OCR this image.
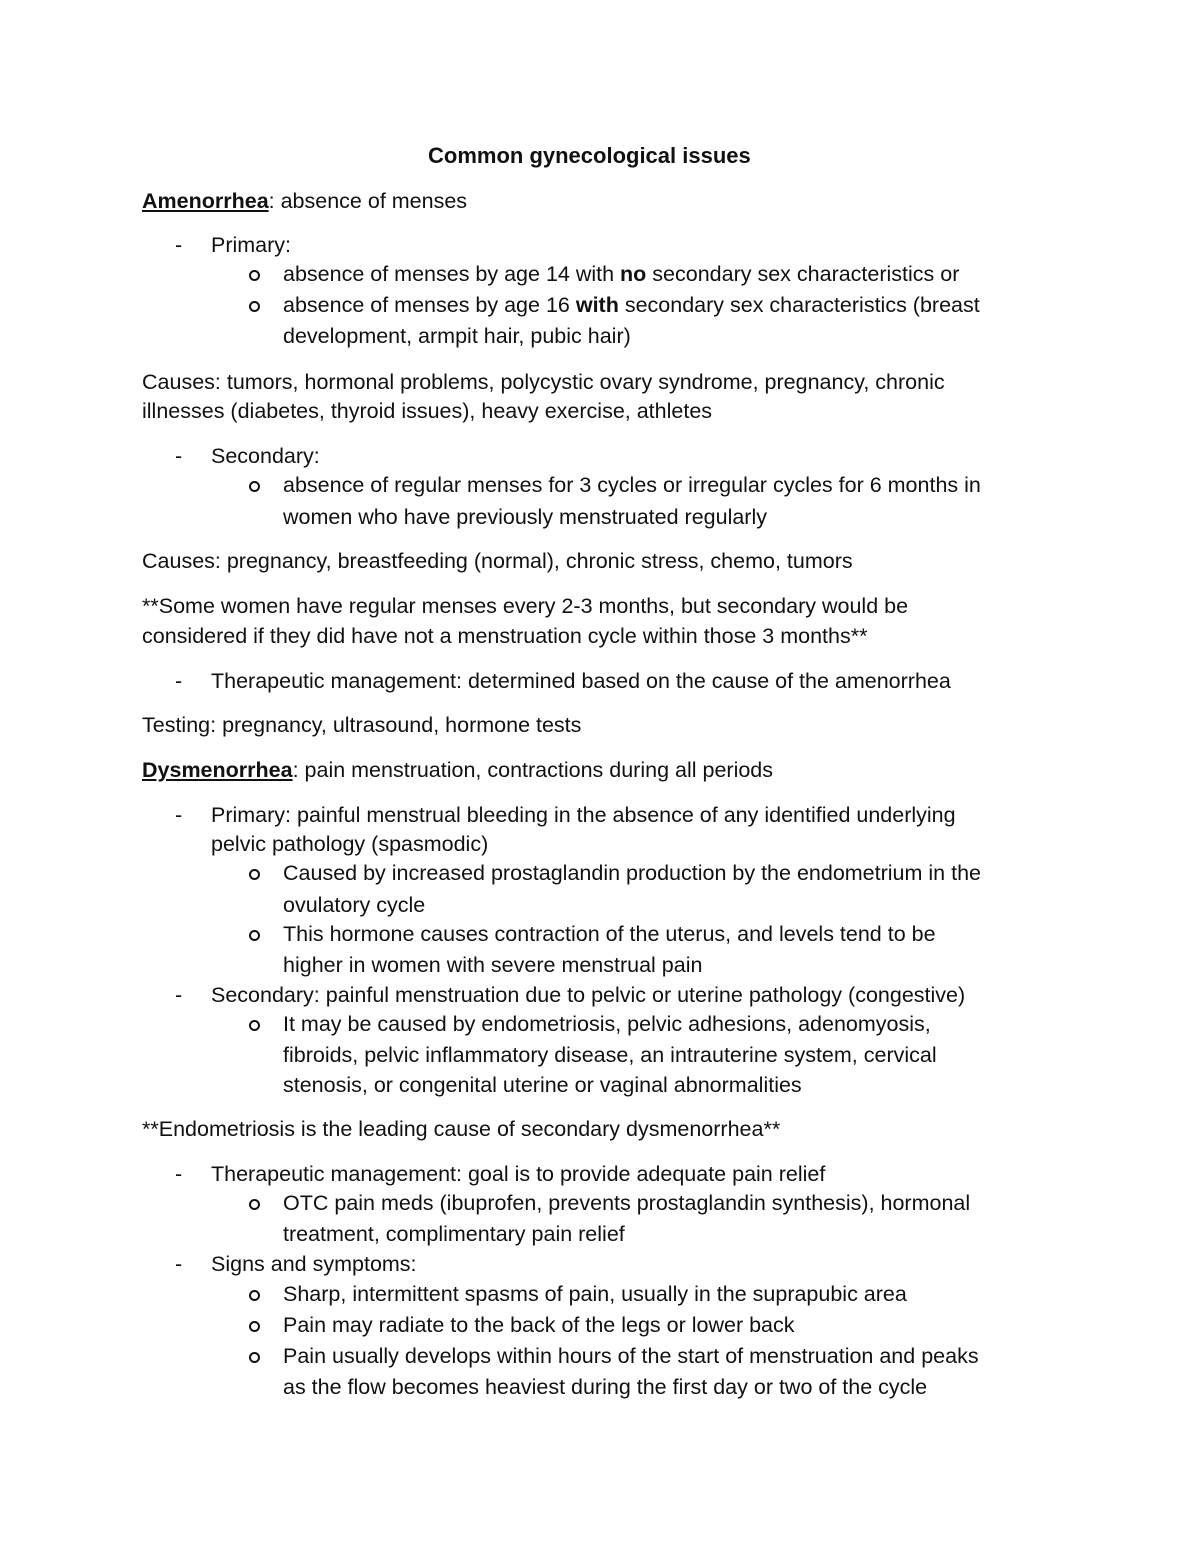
Common gynecological issues
Amenorrhea: absence of menses
- Primary:
absence of menses by age 14 with no secondary sex characteristics or
absence of menses by age 16 with secondary sex characteristics (breast
development, armpit hair, pubic hair)
Causes: tumors, hormonal problems, polycystic ovary syndrome, pregnancy, chronic
illnesses (diabetes, thyroid issues), heavy exercise, athletes
- Secondary:
absence of regular menses for 3 cycles or irregular cycles for 6 months in
women who have previously menstruated regularly
Causes: pregnancy, breastfeeding (normal), chronic stress, chemo, tumors
**Some women have regular menses every 2-3 months, but secondary would be
considered if they did have not a menstruation cycle within those 3 months**
- Therapeutic management: determined based on the cause of the amenorrhea
Testing: pregnancy, ultrasound, hormone tests
Dysmenorrhea: pain menstruation, contractions during all periods
- Primary: painful menstrual bleeding in the absence of any identified underlying
pelvic pathology (spasmodic)
Caused by increased prostaglandin production by the endometrium in the
ovulatory cycle
This hormone causes contraction of the uterus, and levels tend to be
higher in women with severe menstrual pain
- Secondary: painful menstruation due to pelvic or uterine pathology (congestive)
It may be caused by endometriosis, pelvic adhesions, adenomyosis,
fibroids, pelvic inflammatory disease, an intrauterine system, cervical
stenosis, or congenital uterine or vaginal abnormalities
**Endometriosis is the leading cause of secondary dysmenorrhea**
- Therapeutic management: goal is to provide adequate pain relief
OTC pain meds (ibuprofen, prevents prostaglandin synthesis), hormonal
treatment, complimentary pain relief
- Signs and symptoms:
Sharp, intermittent spasms of pain, usually in the suprapubic area
Pain may radiate to the back of the legs or lower back
Pain usually develops within hours of the start of menstruation and peaks
as the flow becomes heaviest during the first day or two of the cycle
